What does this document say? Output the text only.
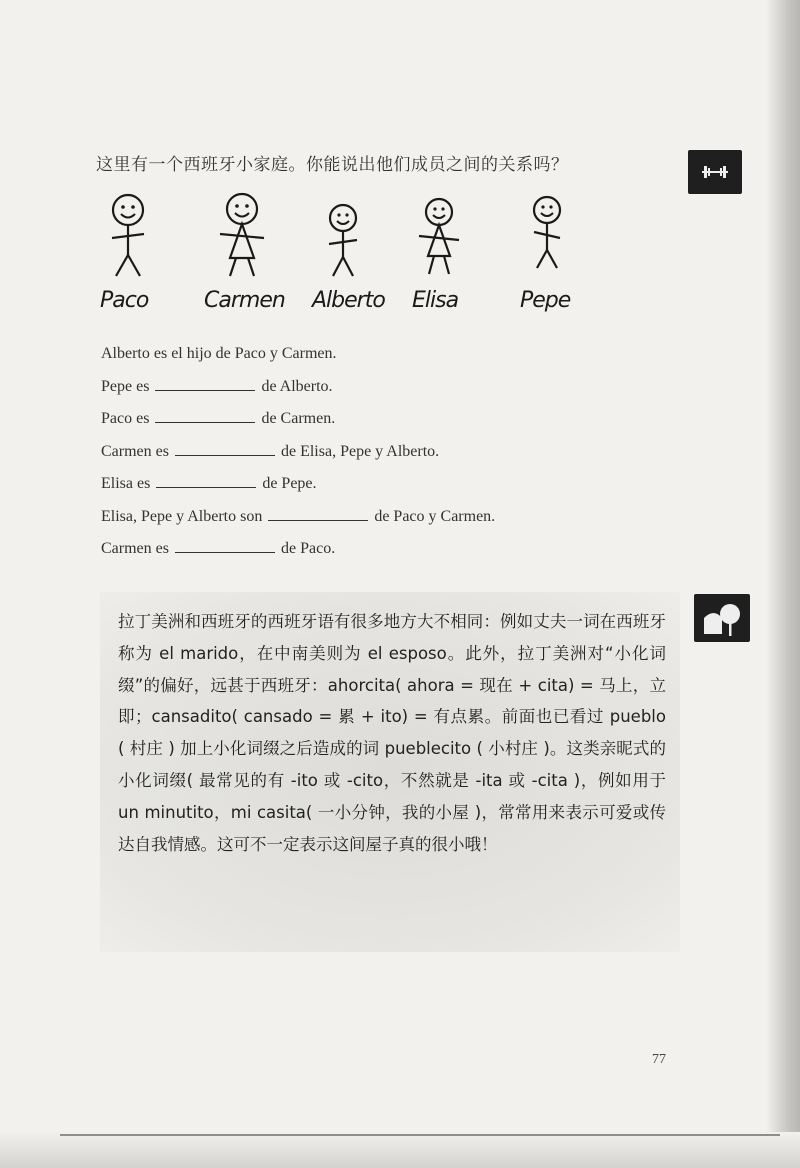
这里有一个西班牙小家庭。你能说出他们成员之间的关系吗？
Paco	Carmen Alberto Elisa	Pepe
Alberto es el hijo de Paco y Carmen.
Pepe es	de Alberto.
Paco es	de Carmen.
Carmen es	de Elisa, Pepe y Alberto.
Elisa es	de Pepe.
Elisa, Pepe y Alberto son	de Paco y Carmen.
Carmen es	de Paco.
拉丁美洲和西班牙的西班牙语有很多地方大不相同：例如丈夫一词在西班牙称为 el marido，在中南美则为 el esposo。此外，拉丁美洲对“小化词缀”的偏好，远甚于西班牙：ahorcita( ahora = 现在 + cita) = 马上，立即；cansadito( cansado = 累 + ito) = 有点累。前面也已看过 pueblo ( 村庄 ) 加上小化词缀之后造成的词 pueblecito ( 小村庄 )。这类亲昵式的小化词缀( 最常见的有 -ito 或 -cito，不然就是 -ita 或 -cita )，例如用于 un minutito，mi casita( 一小分钟，我的小屋 )，常常用来表示可爱或传达自我情感。这可不一定表示这间屋子真的很小哦！
77
